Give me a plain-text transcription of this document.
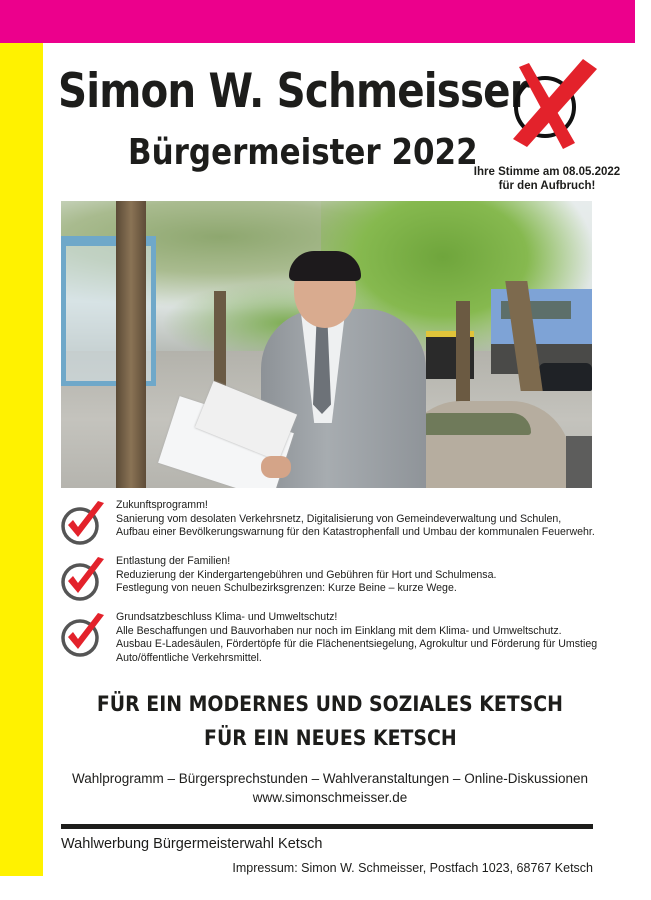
Simon W. Schmeisser
Bürgermeister 2022
Ihre Stimme am 08.05.2022
für den Aufbruch!
Zukunftsprogramm!
Sanierung vom desolaten Verkehrsnetz, Digitalisierung von Gemeindeverwaltung und Schulen,
Aufbau einer Bevölkerungswarnung für den Katastrophenfall und Umbau der kommunalen Feuerwehr.
Entlastung der Familien!
Reduzierung der Kindergartengebühren und Gebühren für Hort und Schulmensa.
Festlegung von neuen Schulbezirksgrenzen: Kurze Beine – kurze Wege.
Grundsatzbeschluss Klima- und Umweltschutz!
Alle Beschaffungen und Bauvorhaben nur noch im Einklang mit dem Klima- und Umweltschutz.
Ausbau E-Ladesäulen, Fördertöpfe für die Flächenentsiegelung, Agrokultur und Förderung für Umstieg
Auto/öffentliche Verkehrsmittel.
FÜR EIN MODERNES UND SOZIALES KETSCH
FÜR EIN NEUES KETSCH
Wahlprogramm – Bürgersprechstunden – Wahlveranstaltungen – Online-Diskussionen
www.simonschmeisser.de
Wahlwerbung Bürgermeisterwahl Ketsch
Impressum: Simon W. Schmeisser, Postfach 1023, 68767 Ketsch
